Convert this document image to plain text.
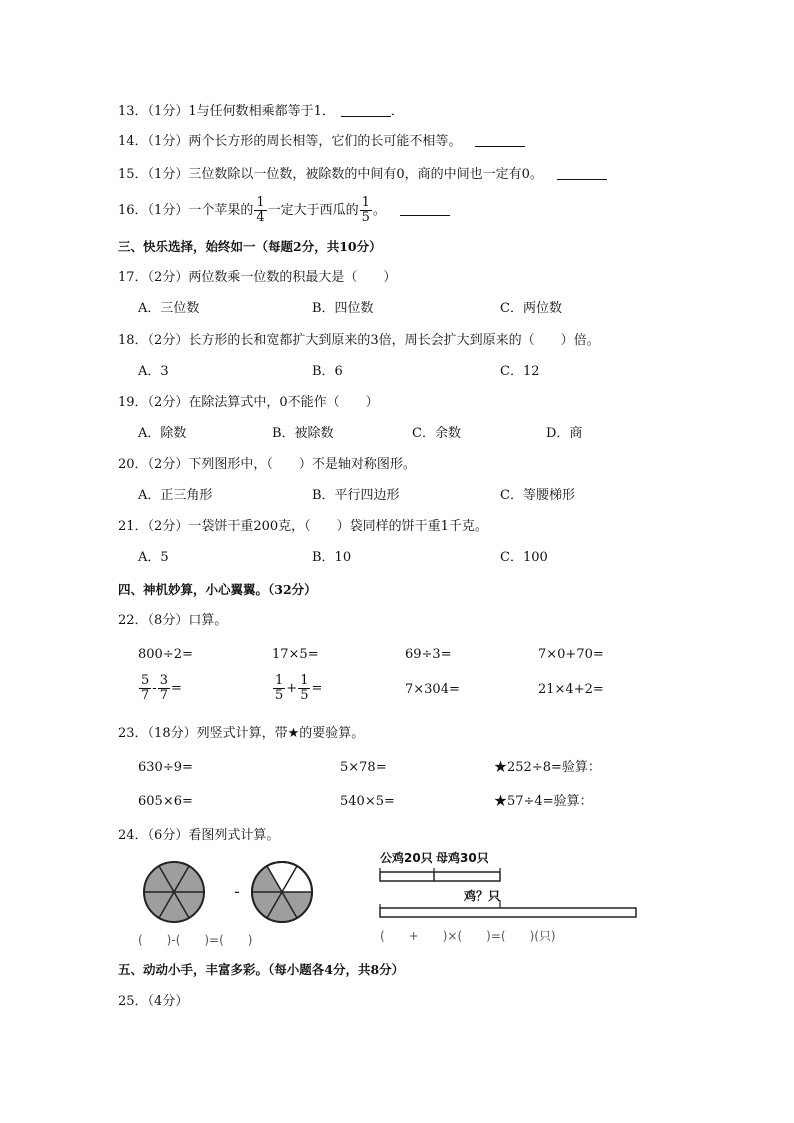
13．（1分）1与任何数相乘都等于1．	．
14．（1分）两个长方形的周长相等，它们的长可能不相等。
15．（1分）三位数除以一位数，被除数的中间有0，商的中间也一定有0。
16．（1分）一个苹果的 $\frac{1}{4}$ 一定大于西瓜的 $\frac{1}{5}$ 。
三、快乐选择，始终如一（每题2分，共10分）
17．（2分）两位数乘一位数的积最大是（　　）
A．三位数	B．四位数	C．两位数
18．（2分）长方形的长和宽都扩大到原来的3倍，周长会扩大到原来的（　　）倍。
A．3	B．6	C．12
19．（2分）在除法算式中，0不能作（　　）
A．除数	B．被除数	C．余数	D．商
20．（2分）下列图形中，（　　）不是轴对称图形。
A．正三角形	B．平行四边形	C．等腰梯形
21．（2分）一袋饼干重200克，（　　）袋同样的饼干重1千克。
A．5	B．10	C．100
四、神机妙算，小心翼翼。（32分）
22．（8分）口算。
800÷2=	17×5=	69÷3=	7×0+70=
$\frac{5}{7} - \frac{3}{7}$ =	$\frac{1}{5} + \frac{1}{5}$ =	7×304=	21×4+2=
23．（18分）列竖式计算，带★的要验算。
630÷9=	5×78=	★252÷8=验算：
605×6=	540×5=	★57÷4=验算：
24．（6分）看图列式计算。
-
(　　)-(　　)=(　　)
公鸡20只 母鸡30只
鸡？只
(　　+　　)×(　　)=(　　)(只)
五、动动小手，丰富多彩。（每小题各4分，共8分）
25．（4分）
